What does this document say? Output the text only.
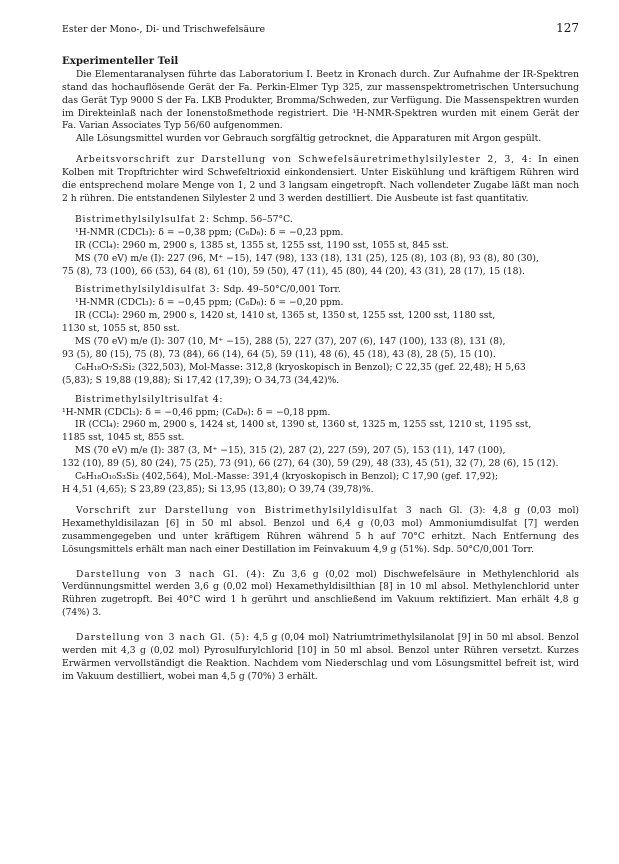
Ester der Mono-, Di- und Trischwefelsäure	127
Experimenteller Teil

Die Elementaranalysen führte das Laboratorium I. Beetz in Kronach durch. Zur Aufnahme der IR-Spektren stand das hochauflösende Gerät der Fa. Perkin-Elmer Typ 325, zur massenspektrometrischen Untersuchung das Gerät Typ 9000 S der Fa. LKB Produkter, Bromma/Schweden, zur Verfügung. Die Massenspektren wurden im Direkteinlaß nach der Ionenstoßmethode registriert. Die ¹H-NMR-Spektren wurden mit einem Gerät der Fa. Varian Associates Typ 56/60 aufgenommen.

Alle Lösungsmittel wurden vor Gebrauch sorgfältig getrocknet, die Apparaturen mit Argon gespült.

Arbeitsvorschrift zur Darstellung von Schwefelsäuretrimethylsilylester 2, 3, 4: In einen Kolben mit Tropftrichter wird Schwefeltrioxid einkondensiert. Unter Eiskühlung und kräftigem Rühren wird die entsprechend molare Menge von 1, 2 und 3 langsam eingetropft. Nach vollendeter Zugabe läßt man noch 2 h rühren. Die entstandenen Silylester 2 und 3 werden destilliert. Die Ausbeute ist fast quantitativ.

Bistrimethylsilylsulfat 2: Schmp. 56–57°C.

¹H-NMR (CDCl₃): δ = −0,38 ppm; (C₆D₆): δ = −0,23 ppm.

IR (CCl₄): 2960 m, 2900 s, 1385 st, 1355 st, 1255 sst, 1190 sst, 1055 st, 845 sst.

MS (70 eV) m/e (I): 227 (96, M⁺ −15), 147 (98), 133 (18), 131 (25), 125 (8), 103 (8), 93 (8), 80 (30),

75 (8), 73 (100), 66 (53), 64 (8), 61 (10), 59 (50), 47 (11), 45 (80), 44 (20), 43 (31), 28 (17), 15 (18).

Bistrimethylsilyldisulfat 3: Sdp. 49–50°C/0,001 Torr.

¹H-NMR (CDCl₃): δ = −0,45 ppm; (C₆D₆): δ = −0,20 ppm.

IR (CCl₄): 2960 m, 2900 s, 1420 st, 1410 st, 1365 st, 1350 st, 1255 sst, 1200 sst, 1180 sst,

1130 st, 1055 st, 850 sst.

MS (70 eV) m/e (I): 307 (10, M⁺ −15), 288 (5), 227 (37), 207 (6), 147 (100), 133 (8), 131 (8),

93 (5), 80 (15), 75 (8), 73 (84), 66 (14), 64 (5), 59 (11), 48 (6), 45 (18), 43 (8), 28 (5), 15 (10).

C₆H₁₈O₇S₂Si₂ (322,503), Mol-Masse: 312,8 (kryoskopisch in Benzol); C 22,35 (gef. 22,48); H 5,63

(5,83); S 19,88 (19,88); Si 17,42 (17,39); O 34,73 (34,42)%.

Bistrimethylsilyltrisulfat 4:

¹H-NMR (CDCl₃): δ = −0,46 ppm; (C₆D₆): δ = −0,18 ppm.

IR (CCl₄): 2960 m, 2900 s, 1424 st, 1400 st, 1390 st, 1360 st, 1325 m, 1255 sst, 1210 st, 1195 sst,

1185 sst, 1045 st, 855 sst.

MS (70 eV) m/e (I): 387 (3, M⁺ −15), 315 (2), 287 (2), 227 (59), 207 (5), 153 (11), 147 (100),

132 (10), 89 (5), 80 (24), 75 (25), 73 (91), 66 (27), 64 (30), 59 (29), 48 (33), 45 (51), 32 (7), 28 (6), 15 (12).

C₆H₁₈O₁₀S₃Si₂ (402,564), Mol.-Masse: 391,4 (kryoskopisch in Benzol); C 17,90 (gef. 17,92);

H 4,51 (4,65); S 23,89 (23,85); Si 13,95 (13,80); O 39,74 (39,78)%.

Vorschrift zur Darstellung von Bistrimethylsilyldisulfat 3 nach Gl. (3): 4,8 g (0,03 mol) Hexamethyldisilazan [6] in 50 ml absol. Benzol und 6,4 g (0,03 mol) Ammoniumdisulfat [7] werden zusammengegeben und unter kräftigem Rühren während 5 h auf 70°C erhitzt. Nach Entfernung des Lösungsmittels erhält man nach einer Destillation im Feinvakuum 4,9 g (51%). Sdp. 50°C/0,001 Torr.

Darstellung von 3 nach Gl. (4): Zu 3,6 g (0,02 mol) Dischwefelsäure in Methylenchlorid als Verdünnungsmittel werden 3,6 g (0,02 mol) Hexamethyldisilthian [8] in 10 ml absol. Methylenchlorid unter Rühren zugetropft. Bei 40°C wird 1 h gerührt und anschließend im Vakuum rektifiziert. Man erhält 4,8 g (74%) 3.

Darstellung von 3 nach Gl. (5): 4,5 g (0,04 mol) Natriumtrimethylsilanolat [9] in 50 ml absol. Benzol werden mit 4,3 g (0,02 mol) Pyrosulfurylchlorid [10] in 50 ml absol. Benzol unter Rühren versetzt. Kurzes Erwärmen vervollständigt die Reaktion. Nachdem vom Niederschlag und vom Lösungsmittel befreit ist, wird im Vakuum destilliert, wobei man 4,5 g (70%) 3 erhält.
